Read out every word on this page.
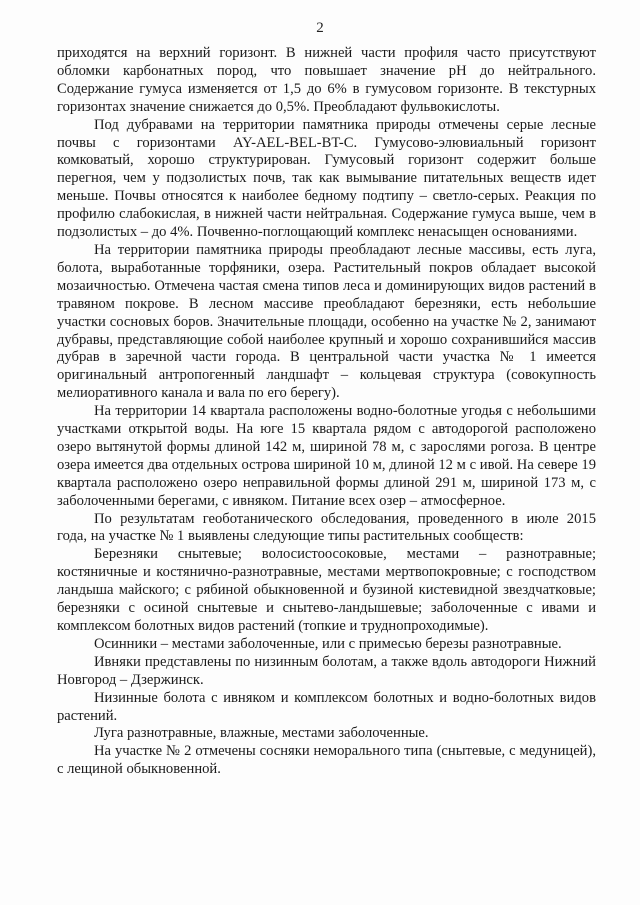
2

приходятся на верхний горизонт. В нижней части профиля часто присутствуют обломки карбонатных пород, что повышает значение pH до нейтрального. Содержание гумуса изменяется от 1,5 до 6% в гумусовом горизонте. В текстурных горизонтах значение снижается до 0,5%. Преобладают фульвокислоты.

Под дубравами на территории памятника природы отмечены серые лесные почвы с горизонтами AY-AEL-BEL-BT-C. Гумусово-элювиальный горизонт комковатый, хорошо структурирован. Гумусовый горизонт содержит больше перегноя, чем у подзолистых почв, так как вымывание питательных веществ идет меньше. Почвы относятся к наиболее бедному подтипу – светло-серых. Реакция по профилю слабокислая, в нижней части нейтральная. Содержание гумуса выше, чем в подзолистых – до 4%. Почвенно-поглощающий комплекс ненасыщен основаниями.

На территории памятника природы преобладают лесные массивы, есть луга, болота, выработанные торфяники, озера. Растительный покров обладает высокой мозаичностью. Отмечена частая смена типов леса и доминирующих видов растений в травяном покрове. В лесном массиве преобладают березняки, есть небольшие участки сосновых боров. Значительные площади, особенно на участке № 2, занимают дубравы, представляющие собой наиболее крупный и хорошо сохранившийся массив дубрав в заречной части города. В центральной части участка № 1 имеется оригинальный антропогенный ландшафт – кольцевая структура (совокупность мелиоративного канала и вала по его берегу).

На территории 14 квартала расположены водно-болотные угодья с небольшими участками открытой воды. На юге 15 квартала рядом с автодорогой расположено озеро вытянутой формы длиной 142 м, шириной 78 м, с зарослями рогоза. В центре озера имеется два отдельных острова шириной 10 м, длиной 12 м с ивой. На севере 19 квартала расположено озеро неправильной формы длиной 291 м, шириной 173 м, с заболоченными берегами, с ивняком. Питание всех озер – атмосферное.

По результатам геоботанического обследования, проведенного в июле 2015 года, на участке № 1 выявлены следующие типы растительных сообществ:

Березняки снытевые; волосистоосоковые, местами – разнотравные; костяничные и костянично-разнотравные, местами мертвопокровные; с господством ландыша майского; с рябиной обыкновенной и бузиной кистевидной звездчатковые; березняки с осиной снытевые и снытево-ландышевые; заболоченные с ивами и комплексом болотных видов растений (топкие и труднопроходимые).

Осинники – местами заболоченные, или с примесью березы разнотравные.

Ивняки представлены по низинным болотам, а также вдоль автодороги Нижний Новгород – Дзержинск.

Низинные болота с ивняком и комплексом болотных и водно-болотных видов растений.

Луга разнотравные, влажные, местами заболоченные.

На участке № 2 отмечены сосняки неморального типа (снытевые, с медуницей), с лещиной обыкновенной.
